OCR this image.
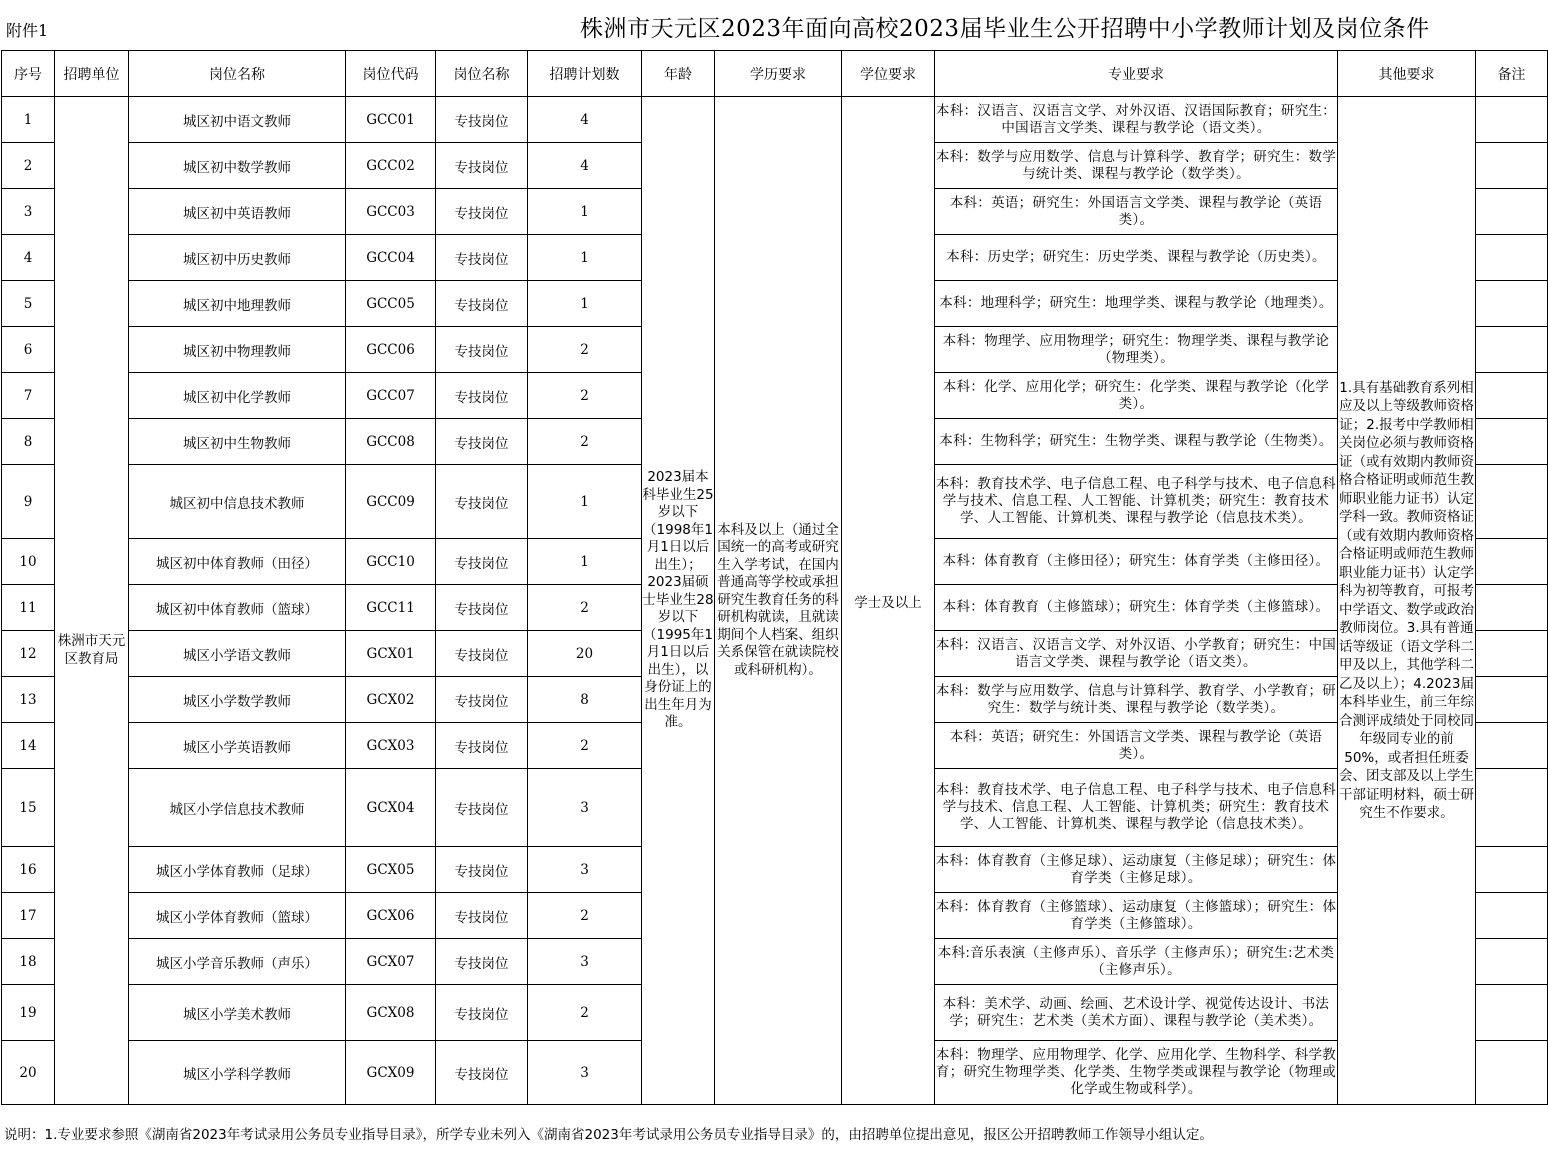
附件1	株洲市天元区2023年面向高校2023届毕业生公开招聘中小学教师计划及岗位条件
序号	招聘单位	岗位名称	岗位代码	岗位名称	招聘计划数	年龄	学历要求	学位要求	专业要求	其他要求	备注
1	株洲市天元区教育局	城区初中语文教师	GCC01	专技岗位	4	2023届本科毕业生25岁以下（1998年1月1日以后出生）；2023届硕士毕业生28岁以下（1995年1月1日以后出生），以身份证上的出生年月为准。	本科及以上（通过全国统一的高考或研究生入学考试，在国内普通高等学校或承担研究生教育任务的科研机构就读，且就读期间个人档案、组织关系保管在就读院校或科研机构）。	学士及以上	本科：汉语言、汉语言文学、对外汉语、汉语国际教育；研究生：中国语言文学类、课程与教学论（语文类）。	1.具有基础教育系列相应及以上等级教师资格证；2.报考中学教师相关岗位必须与教师资格证（或有效期内教师资格合格证明或师范生教师职业能力证书）认定学科一致。教师资格证（或有效期内教师资格合格证明或师范生教师职业能力证书）认定学科为初等教育，可报考中学语文、数学或政治教师岗位。3.具有普通话等级证（语文学科二甲及以上，其他学科二乙及以上）；4.2023届本科毕业生，前三年综合测评成绩处于同校同年级同专业的前50%，或者担任班委会、团支部及以上学生干部证明材料，硕士研究生不作要求。	
2		城区初中数学教师	GCC02	专技岗位	4				本科：数学与应用数学、信息与计算科学、教育学；研究生：数学与统计类、课程与教学论（数学类）。		
3		城区初中英语教师	GCC03	专技岗位	1				本科：英语；研究生：外国语言文学类、课程与教学论（英语类）。		
4		城区初中历史教师	GCC04	专技岗位	1				本科：历史学；研究生：历史学类、课程与教学论（历史类）。		
5		城区初中地理教师	GCC05	专技岗位	1				本科：地理科学；研究生：地理学类、课程与教学论（地理类）。		
6		城区初中物理教师	GCC06	专技岗位	2				本科：物理学、应用物理学；研究生：物理学类、课程与教学论（物理类）。		
7		城区初中化学教师	GCC07	专技岗位	2				本科：化学、应用化学；研究生：化学类、课程与教学论（化学类）。		
8		城区初中生物教师	GCC08	专技岗位	2				本科：生物科学；研究生：生物学类、课程与教学论（生物类）。		
9		城区初中信息技术教师	GCC09	专技岗位	1				本科：教育技术学、电子信息工程、电子科学与技术、电子信息科学与技术、信息工程、人工智能、计算机类；研究生：教育技术学、人工智能、计算机类、课程与教学论（信息技术类）。		
10		城区初中体育教师（田径）	GCC10	专技岗位	1				本科：体育教育（主修田径）；研究生：体育学类（主修田径）。		
11		城区初中体育教师（篮球）	GCC11	专技岗位	2				本科：体育教育（主修篮球）；研究生：体育学类（主修篮球）。		
12		城区小学语文教师	GCX01	专技岗位	20				本科：汉语言、汉语言文学、对外汉语、小学教育；研究生：中国语言文学类、课程与教学论（语文类）。		
13		城区小学数学教师	GCX02	专技岗位	8				本科：数学与应用数学、信息与计算科学、教育学、小学教育；研究生：数学与统计类、课程与教学论（数学类）。		
14		城区小学英语教师	GCX03	专技岗位	2				本科：英语；研究生：外国语言文学类、课程与教学论（英语类）。		
15		城区小学信息技术教师	GCX04	专技岗位	3				本科：教育技术学、电子信息工程、电子科学与技术、电子信息科学与技术、信息工程、人工智能、计算机类；研究生：教育技术学、人工智能、计算机类、课程与教学论（信息技术类）。		
16		城区小学体育教师（足球）	GCX05	专技岗位	3				本科：体育教育（主修足球）、运动康复（主修足球）；研究生：体育学类（主修足球）。		
17		城区小学体育教师（篮球）	GCX06	专技岗位	2				本科：体育教育（主修篮球）、运动康复（主修篮球）；研究生：体育学类（主修篮球）。		
18		城区小学音乐教师（声乐）	GCX07	专技岗位	3				本科:音乐表演（主修声乐）、音乐学（主修声乐）；研究生:艺术类（主修声乐）。		
19		城区小学美术教师	GCX08	专技岗位	2				本科：美术学、动画、绘画、艺术设计学、视觉传达设计、书法学；研究生：艺术类（美术方面）、课程与教学论（美术类）。		
20		城区小学科学教师	GCX09	专技岗位	3				本科：物理学、应用物理学、化学、应用化学、生物科学、科学教育；研究生物理学类、化学类、生物学类或课程与教学论（物理或化学或生物或科学）。		
说明：1.专业要求参照《湖南省2023年考试录用公务员专业指导目录》，所学专业未列入《湖南省2023年考试录用公务员专业指导目录》的，由招聘单位提出意见，报区公开招聘教师工作领导小组认定。
